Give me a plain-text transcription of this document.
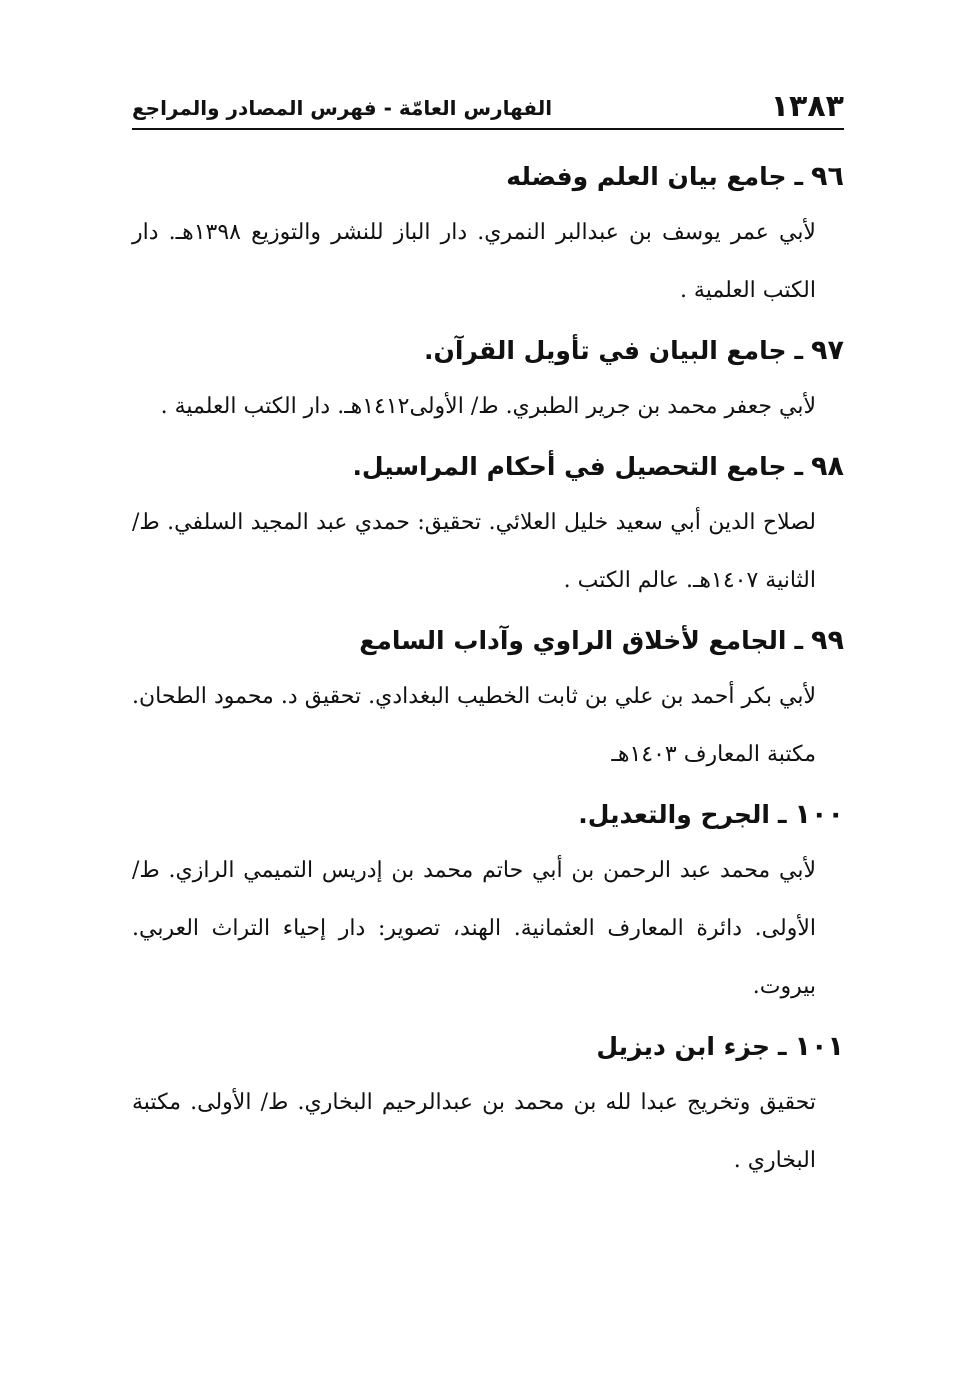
١٣٨٣
الفهارس العامّة - فهرس المصادر والمراجع
٩٦
ـ
جامع بيان العلم وفضله
لأبي عمر يوسف بن عبدالبر النمري. دار الباز للنشر والتوزيع ١٣٩٨هـ. دار الكتب العلمية .
٩٧
ـ
جامع البيان في تأويل القرآن.
لأبي جعفر محمد بن جرير الطبري. ط/ الأولى١٤١٢هـ. دار الكتب العلمية .
٩٨
ـ
جامع التحصيل في أحكام المراسيل.
لصلاح الدين أبي سعيد خليل العلائي. تحقيق: حمدي عبد المجيد السلفي. ط/ الثانية ١٤٠٧هـ. عالم الكتب .
٩٩
ـ
الجامع لأخلاق الراوي وآداب السامع
لأبي بكر أحمد بن علي بن ثابت الخطيب البغدادي. تحقيق د. محمود الطحان. مكتبة المعارف ١٤٠٣هـ
١٠٠
ـ
الجرح والتعديل.
لأبي محمد عبد الرحمن بن أبي حاتم محمد بن إدريس التميمي الرازي. ط/ الأولى. دائرة المعارف العثمانية. الهند، تصوير: دار إحياء التراث العربي. بيروت.
١٠١
ـ
جزء ابن ديزيل
تحقيق وتخريج عبدا لله بن محمد بن عبدالرحيم البخاري. ط/ الأولى. مكتبة البخاري .
